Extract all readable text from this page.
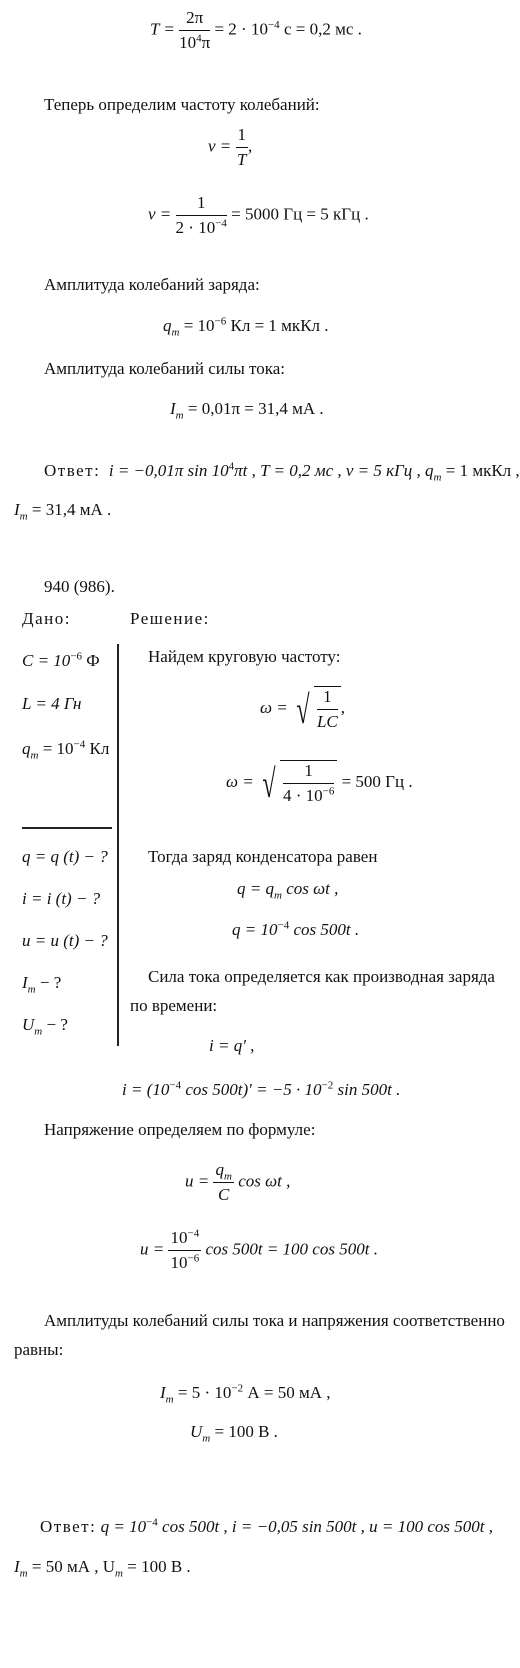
$T = \frac{2\pi}{10^4\pi} = 2 \cdot 10^{-4}$ с = 0,2 мс .
Теперь определим частоту колебаний:
$\nu = \frac{1}{T}$ ,
$\nu = \frac{1}{2 \cdot 10^{-4}} = 5000$ Гц = 5 кГц .
Амплитуда колебаний заряда:
$q_m = 10^{-6}$ Кл = 1 мкКл .
Амплитуда колебаний силы тока:
$I_m = 0,01\pi = 31,4$ мА .
Ответ: i = −0,01π $\sin 10^4\pi t$ , T = 0,2 мс , ν = 5 кГц , $q_m = 1$ мкКл ,
$I_m = 31,4$ мА .
940 (986).
Дано:
$C = 10^{-6}$ Ф
L = 4 Гн
$q_m = 10^{-4}$ Кл
q = q (t) − ?
i = i (t) − ?
u = u (t) − ?
$I_m$ − ?
$U_m$ − ?
Решение:
Найдем круговую частоту:
ω = √ $\frac{1}{LC}$ ,
ω = √ $\frac{1}{4 \cdot 10^{-6}} = 500$ Гц .
Тогда заряд конденсатора равен
$q = q_m$ cos ωt ,
$q = 10^{-4}$ cos 500t .
Сила тока определяется как производная заряда
по времени:
i = q′ ,
$i = (10^{-4}$ $\cos 500t)' = -5 \cdot 10^{-2}$ sin 500t .
Напряжение определяем по формуле:
$u = \frac{q_m}{C}$ cos ωt ,
$u = \frac{10^{-4}}{10^{-6}}$ cos 500t = 100 cos 500t .
Амплитуды колебаний силы тока и напряжения соответственно
равны:
$I_m = 5 \cdot 10^{-2}$ А = 50 мА ,
$U_m = 100$ В .
Ответ: $q = 10^{-4}$ cos 500t , i = −0,05 sin 500t , u = 100 cos 500t ,
$I_m = 50$ мА , $U_m = 100$ В .
